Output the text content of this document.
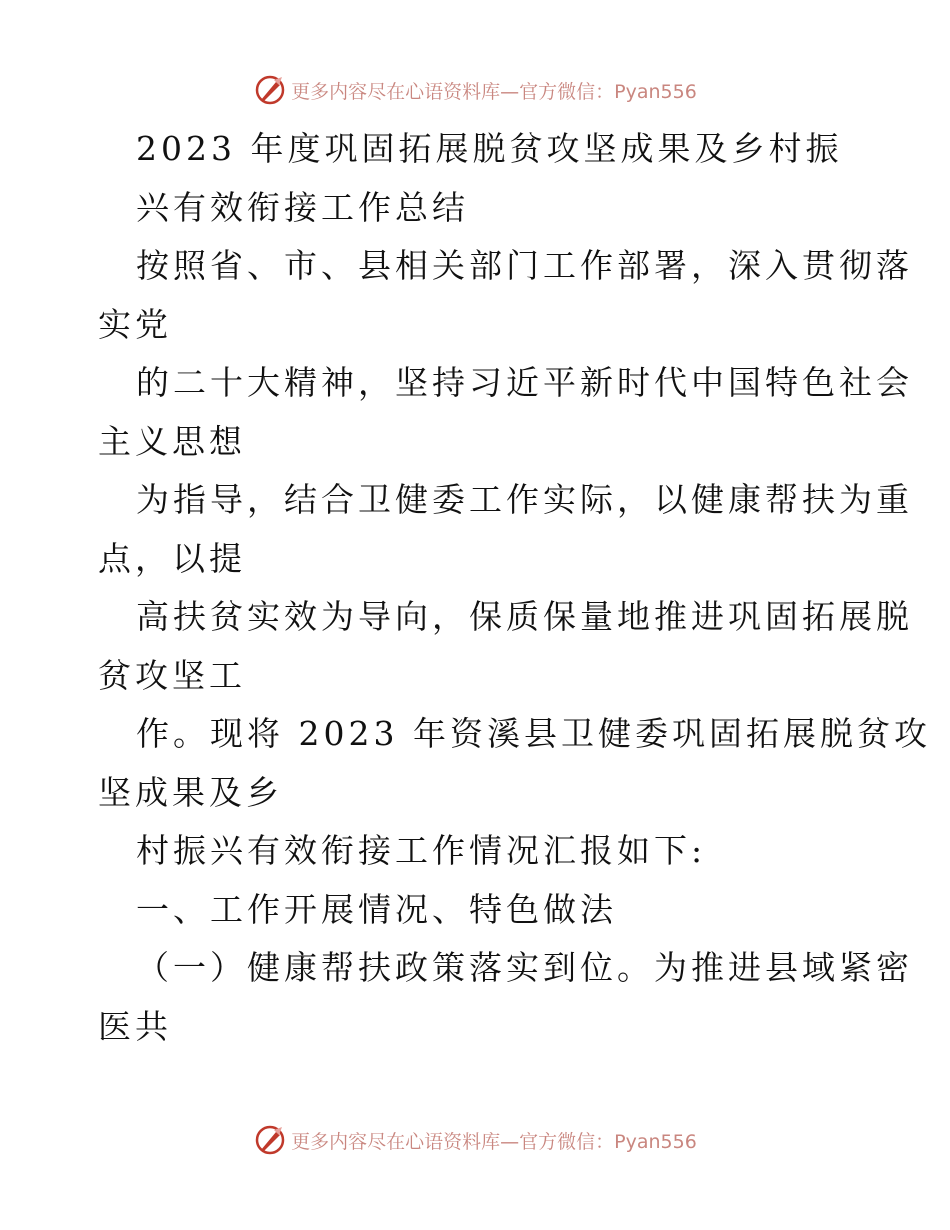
更多内容尽在心语资料库—官方微信：Pyan556
2023 年度巩固拓展脱贫攻坚成果及乡村振
兴有效衔接工作总结
按照省、市、县相关部门工作部署，深入贯彻落
实党
的二十大精神，坚持习近平新时代中国特色社会
主义思想
为指导，结合卫健委工作实际，以健康帮扶为重
点，以提
高扶贫实效为导向，保质保量地推进巩固拓展脱
贫攻坚工
作。现将 2023 年资溪县卫健委巩固拓展脱贫攻
坚成果及乡
村振兴有效衔接工作情况汇报如下:
一、工作开展情况、特色做法
（一）健康帮扶政策落实到位。为推进县域紧密
医共
更多内容尽在心语资料库—官方微信：Pyan556
